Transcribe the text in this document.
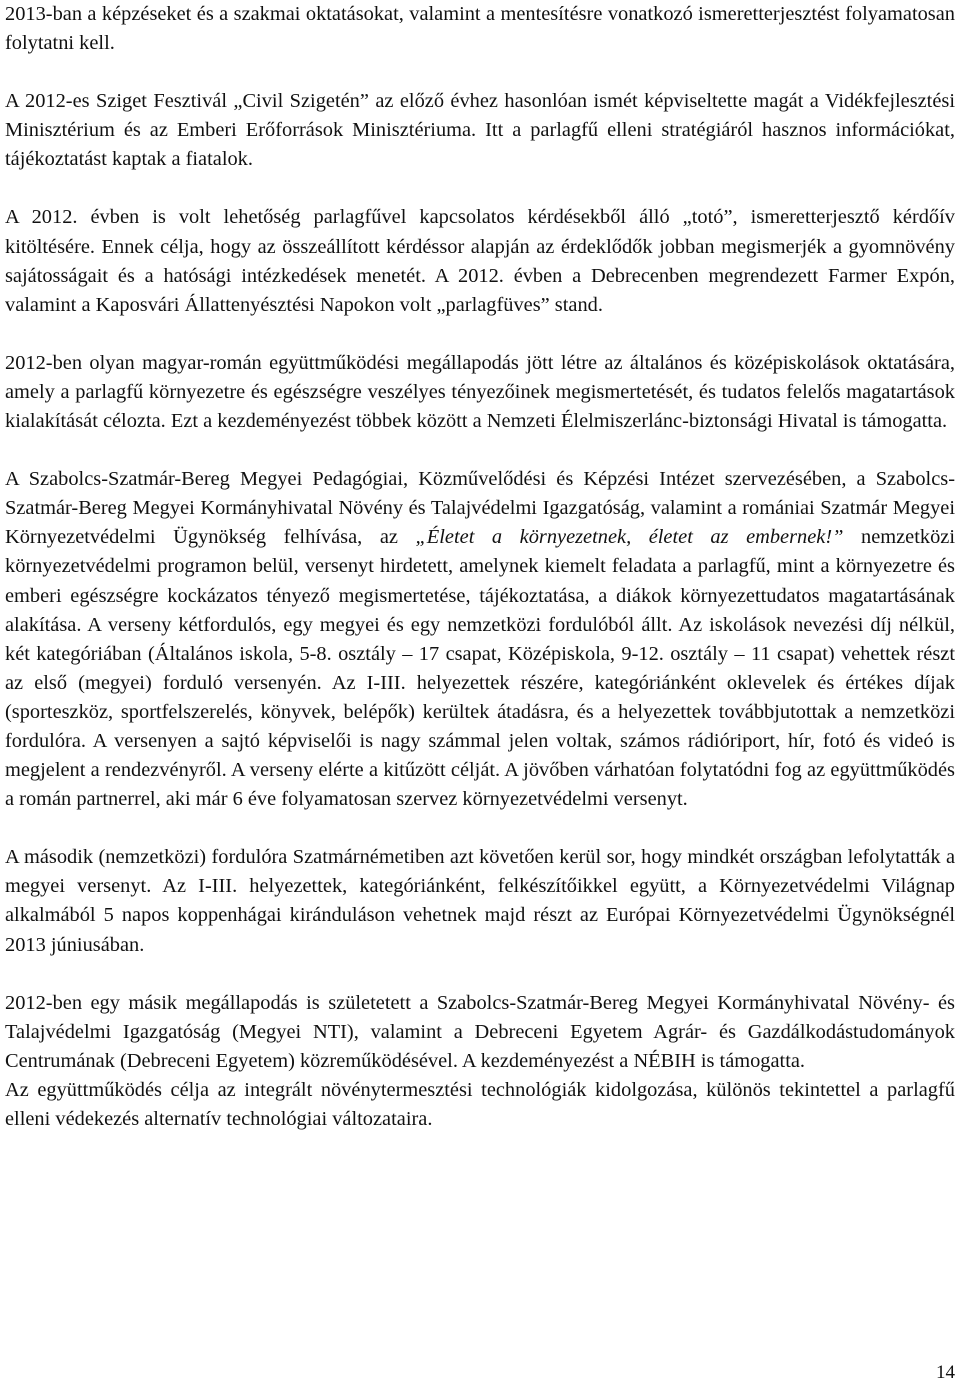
2013-ban a képzéseket és a szakmai oktatásokat, valamint a mentesítésre vonatkozó ismeretterjesztést folyamatosan folytatni kell.

A 2012-es Sziget Fesztivál „Civil Szigetén” az előző évhez hasonlóan ismét képviseltette magát a Vidékfejlesztési Minisztérium és az Emberi Erőforrások Minisztériuma. Itt a parlagfű elleni stratégiáról hasznos információkat, tájékoztatást kaptak a fiatalok.

A 2012. évben is volt lehetőség parlagfűvel kapcsolatos kérdésekből álló „totó”, ismeretterjesztő kérdőív kitöltésére. Ennek célja, hogy az összeállított kérdéssor alapján az érdeklődők jobban megismerjék a gyomnövény sajátosságait és a hatósági intézkedések menetét. A 2012. évben a Debrecenben megrendezett Farmer Expón, valamint a Kaposvári Állattenyésztési Napokon volt „parlagfüves” stand.

2012-ben olyan magyar-román együttműködési megállapodás jött létre az általános és középiskolások oktatására, amely a parlagfű környezetre és egészségre veszélyes tényezőinek megismertetését, és tudatos felelős magatartások kialakítását célozta. Ezt a kezdeményezést többek között a Nemzeti Élelmiszerlánc-biztonsági Hivatal is támogatta.

A Szabolcs-Szatmár-Bereg Megyei Pedagógiai, Közművelődési és Képzési Intézet szervezésében, a Szabolcs-Szatmár-Bereg Megyei Kormányhivatal Növény és Talajvédelmi Igazgatóság, valamint a romániai Szatmár Megyei Környezetvédelmi Ügynökség felhívása, az „Életet a környezetnek, életet az embernek!” nemzetközi környezetvédelmi programon belül, versenyt hirdetett, amelynek kiemelt feladata a parlagfű, mint a környezetre és emberi egészségre kockázatos tényező megismertetése, tájékoztatása, a diákok környezettudatos magatartásának alakítása. A verseny kétfordulós, egy megyei és egy nemzetközi fordulóból állt. Az iskolások nevezési díj nélkül, két kategóriában (Általános iskola, 5-8. osztály – 17 csapat, Középiskola, 9-12. osztály – 11 csapat) vehettek részt az első (megyei) forduló versenyén. Az I-III. helyezettek részére, kategóriánként oklevelek és értékes díjak (sporteszköz, sportfelszerelés, könyvek, belépők) kerültek átadásra, és a helyezettek továbbjutottak a nemzetközi fordulóra. A versenyen a sajtó képviselői is nagy számmal jelen voltak, számos rádióriport, hír, fotó és videó is megjelent a rendezvényről. A verseny elérte a kitűzött célját. A jövőben várhatóan folytatódni fog az együttműködés a román partnerrel, aki már 6 éve folyamatosan szervez környezetvédelmi versenyt.

A második (nemzetközi) fordulóra Szatmárnémetiben azt követően kerül sor, hogy mindkét országban lefolytatták a megyei versenyt. Az I-III. helyezettek, kategóriánként, felkészítőikkel együtt, a Környezetvédelmi Világnap alkalmából 5 napos koppenhágai kiránduláson vehetnek majd részt az Európai Környezetvédelmi Ügynökségnél 2013 júniusában.

2012-ben egy másik megállapodás is születetett a Szabolcs-Szatmár-Bereg Megyei Kormányhivatal Növény- és Talajvédelmi Igazgatóság (Megyei NTI), valamint a Debreceni Egyetem Agrár- és Gazdálkodástudományok Centrumának (Debreceni Egyetem) közreműködésével. A kezdeményezést a NÉBIH is támogatta.

Az együttműködés célja az integrált növénytermesztési technológiák kidolgozása, különös tekintettel a parlagfű elleni védekezés alternatív technológiai változataira.

14
